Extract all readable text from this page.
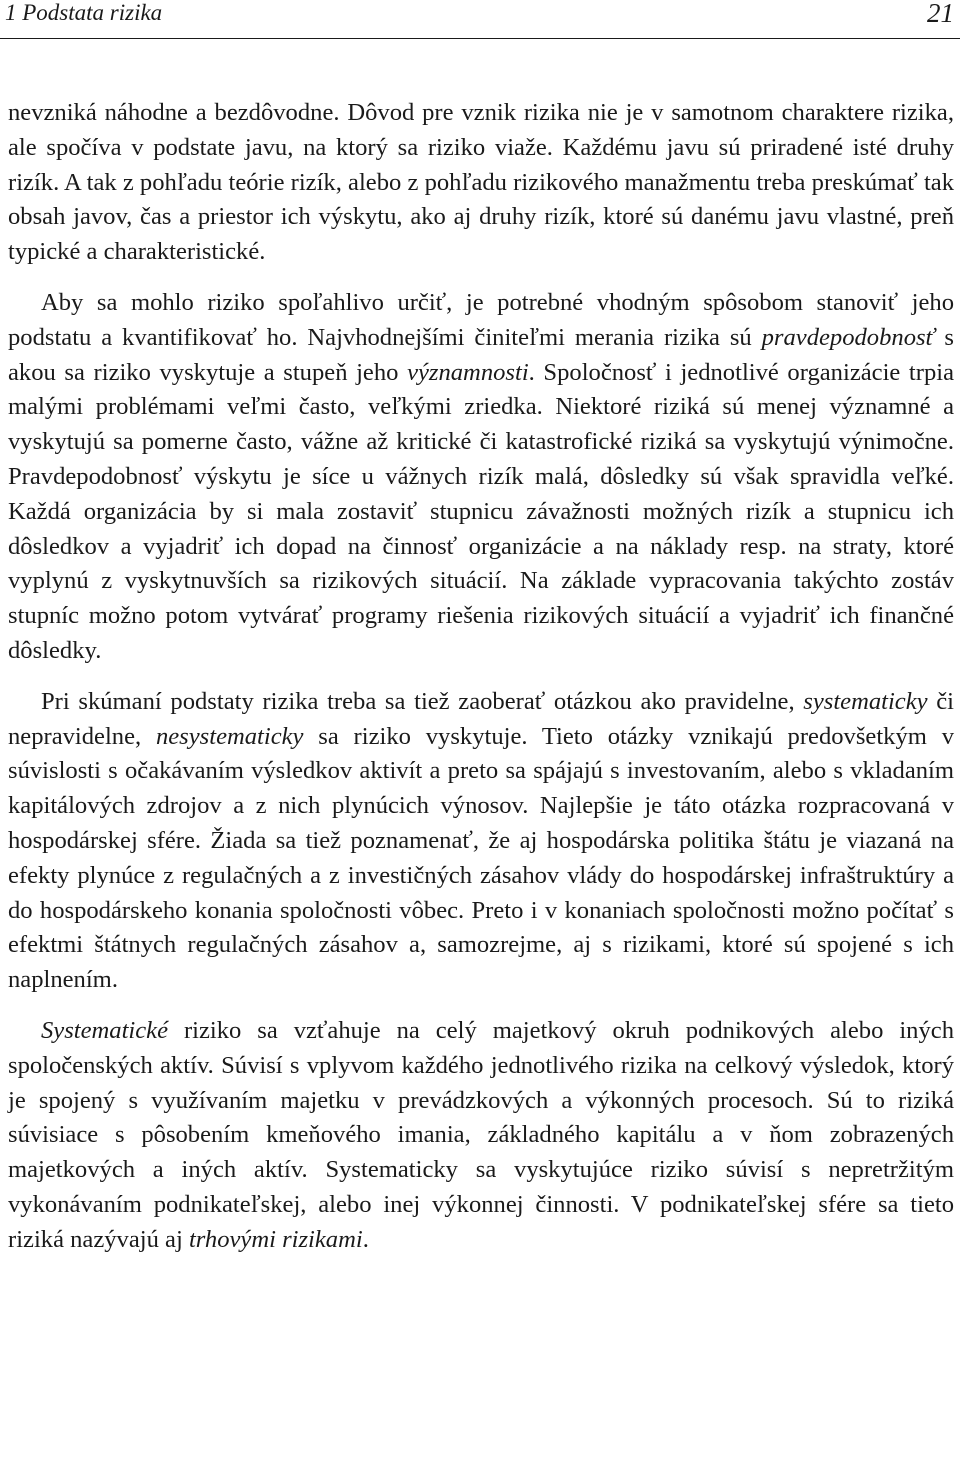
1 Podstata rizika	21

nevzniká náhodne a bezdôvodne. Dôvod pre vznik rizika nie je v samotnom charaktere rizika, ale spočíva v podstate javu, na ktorý sa riziko viaže. Každému javu sú priradené isté druhy rizík. A tak z pohľadu teórie rizík, alebo z pohľadu rizikového manažmentu treba preskúmať tak obsah javov, čas a priestor ich výskytu, ako aj druhy rizík, ktoré sú danému javu vlastné, preň typické a charakteristické.

Aby sa mohlo riziko spoľahlivo určiť, je potrebné vhodným spôsobom stanoviť jeho podstatu a kvantifikovať ho. Najvhodnejšími činiteľmi merania rizika sú pravdepodobnosť s akou sa riziko vyskytuje a stupeň jeho významnosti. Spoločnosť i jednotlivé organizácie trpia malými problémami veľmi často, veľkými zriedka. Niektoré riziká sú menej významné a vyskytujú sa pomerne často, vážne až kritické či katastrofické riziká sa vyskytujú výnimočne. Pravdepodobnosť výskytu je síce u vážnych rizík malá, dôsledky sú však spravidla veľké. Každá organizácia by si mala zostaviť stupnicu závažnosti možných rizík a stupnicu ich dôsledkov a vyjadriť ich dopad na činnosť organizácie a na náklady resp. na straty, ktoré vyplynú z vyskytnuvších sa rizikových situácií. Na základe vypracovania takýchto zostáv stupníc možno potom vytvárať programy riešenia rizikových situácií a vyjadriť ich finančné dôsledky.

Pri skúmaní podstaty rizika treba sa tiež zaoberať otázkou ako pravidelne, systematicky či nepravidelne, nesystematicky sa riziko vyskytuje. Tieto otázky vznikajú predovšetkým v súvislosti s očakávaním výsledkov aktivít a preto sa spájajú s investovaním, alebo s vkladaním kapitálových zdrojov a z nich plynúcich výnosov. Najlepšie je táto otázka rozpracovaná v hospodárskej sfére. Žiada sa tiež poznamenať, že aj hospodárska politika štátu je viazaná na efekty plynúce z regulačných a z investičných zásahov vlády do hospodárskej infraštruktúry a do hospodárskeho konania spoločnosti vôbec. Preto i v konaniach spoločnosti možno počítať s efektmi štátnych regulačných zásahov a, samozrejme, aj s rizikami, ktoré sú spojené s ich naplnením.

Systematické riziko sa vzťahuje na celý majetkový okruh podnikových alebo iných spoločenských aktív. Súvisí s vplyvom každého jednotlivého rizika na celkový výsledok, ktorý je spojený s využívaním majetku v prevádzkových a výkonných procesoch. Sú to riziká súvisiace s pôsobením kmeňového imania, základného kapitálu a v ňom zobrazených majetkových a iných aktív. Systematicky sa vyskytujúce riziko súvisí s nepretržitým vykonávaním podnikateľskej, alebo inej výkonnej činnosti. V podnikateľskej sfére sa tieto riziká nazývajú aj trhovými rizikami.
